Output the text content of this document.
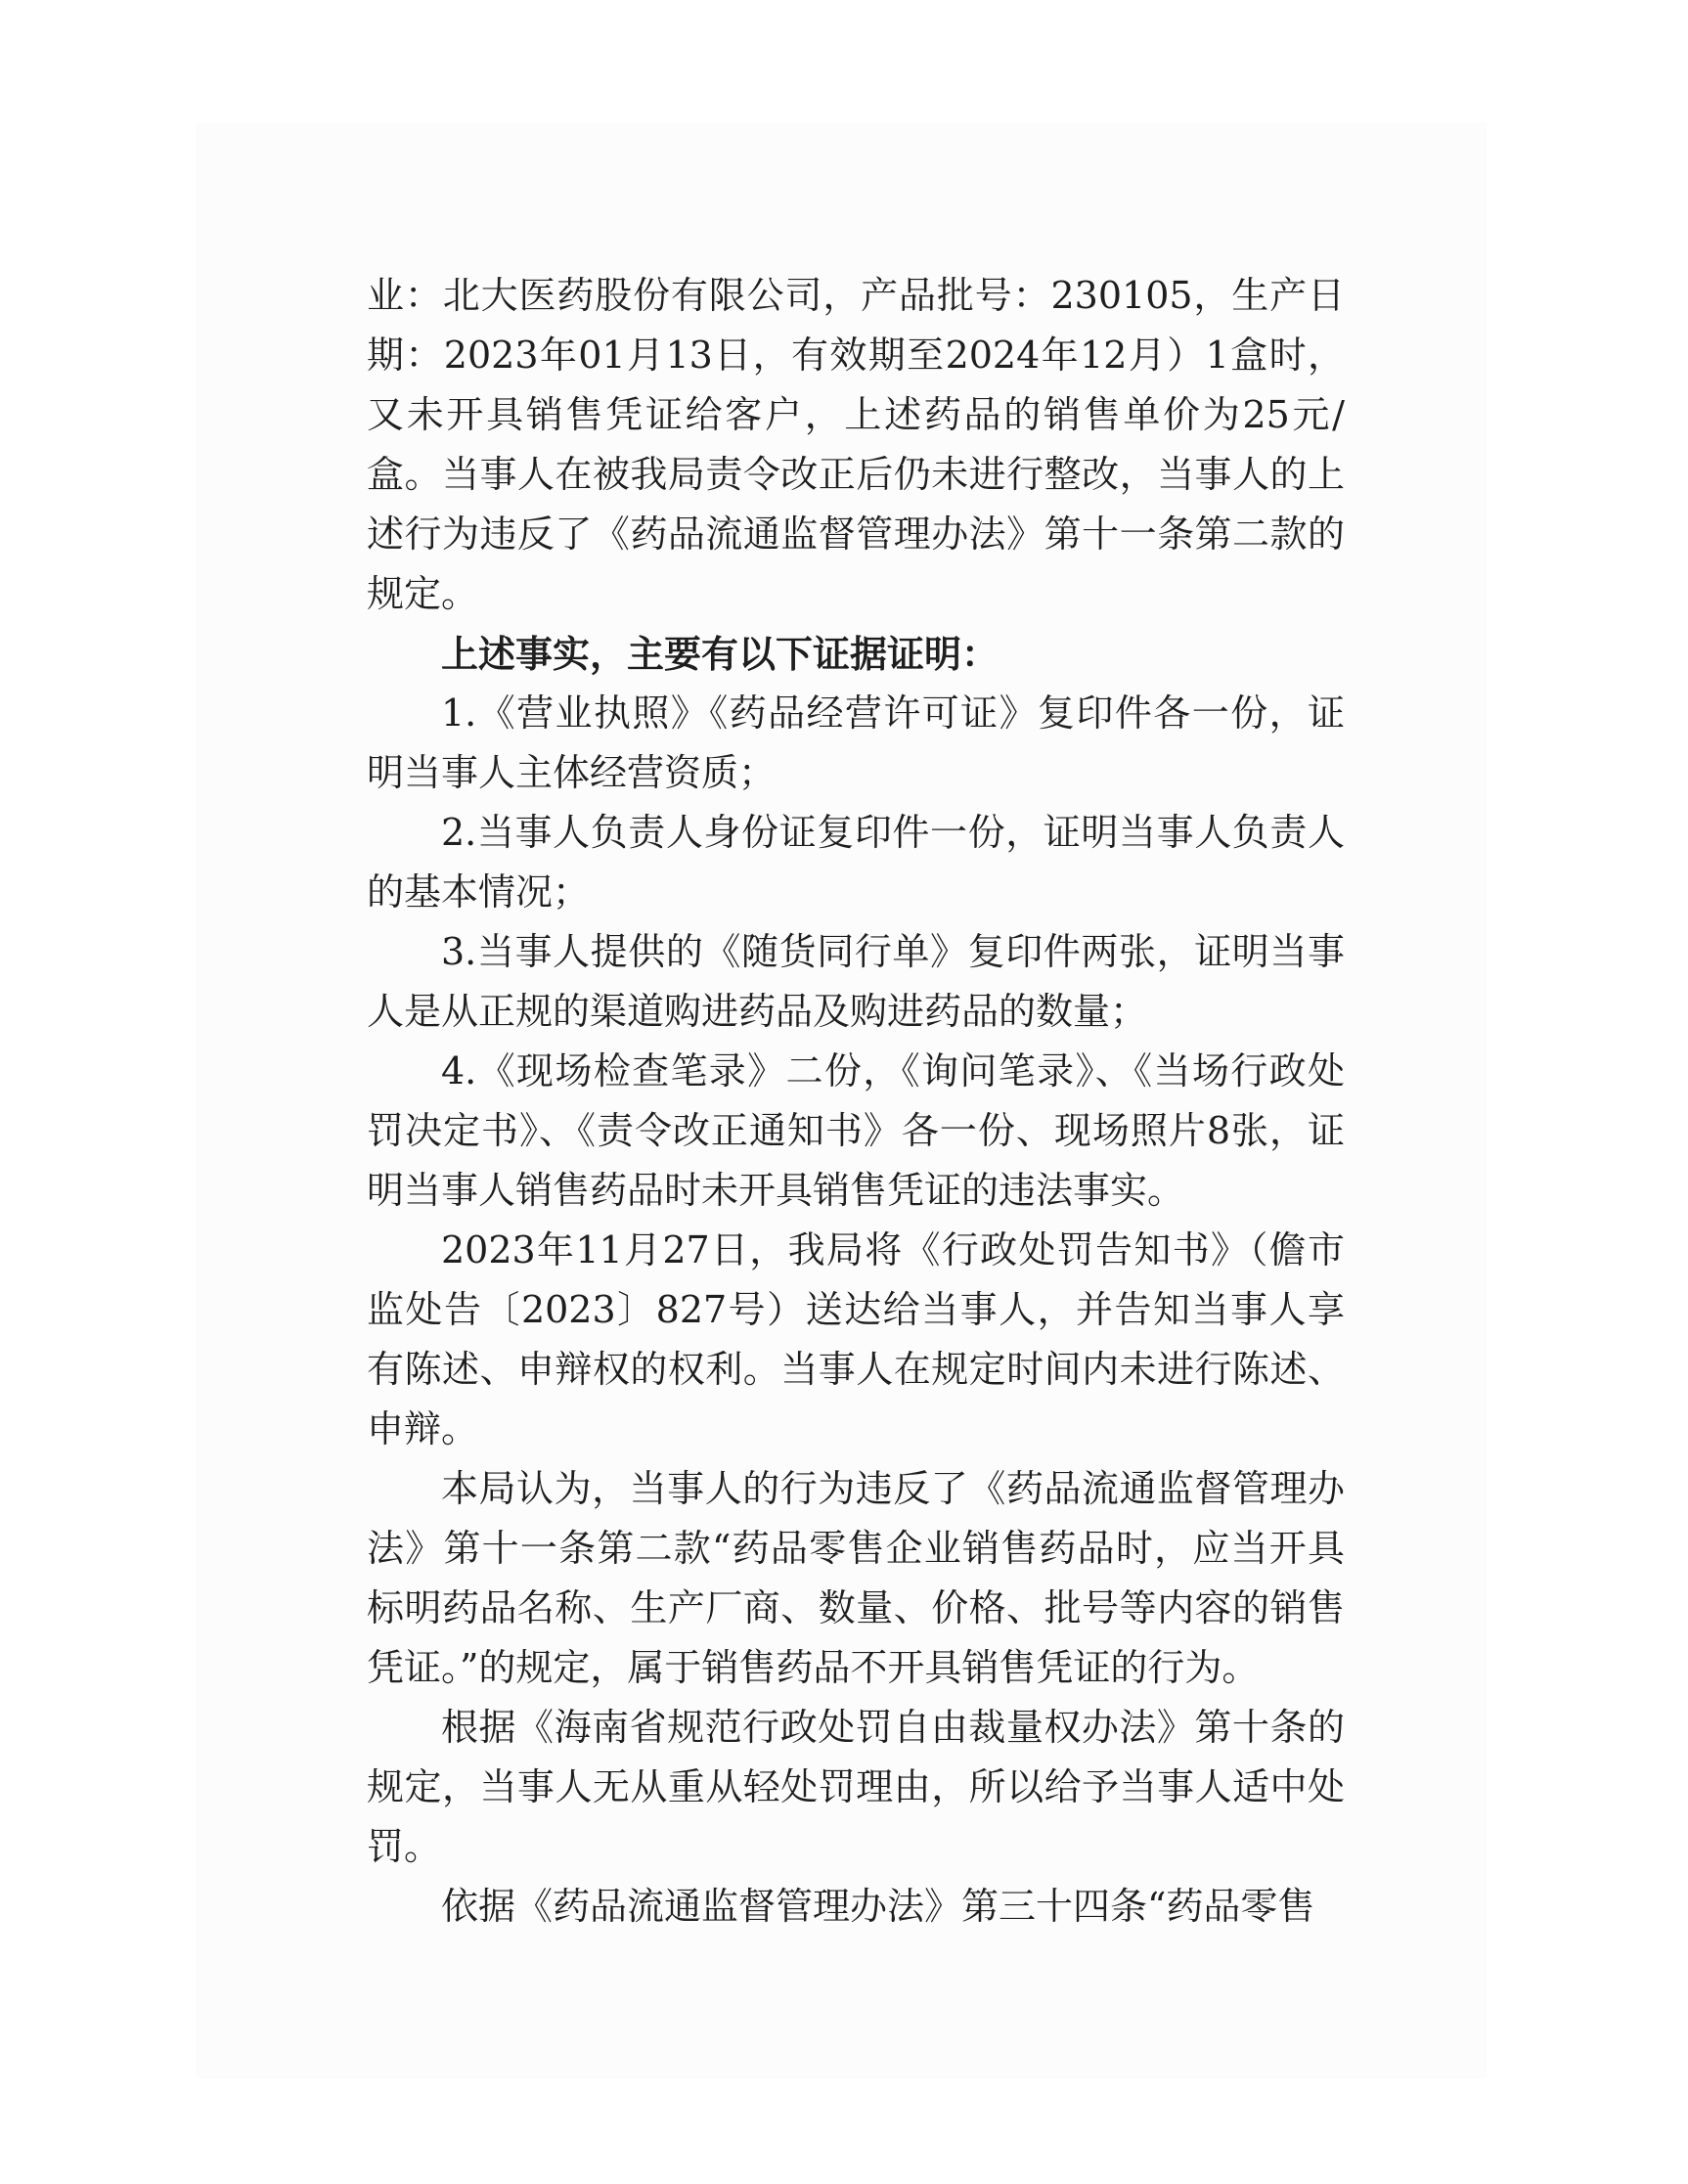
业：北大医药股份有限公司，产品批号：230105，生产日期：2023年01月13日，有效期至2024年12月）1盒时，又未开具销售凭证给客户，上述药品的销售单价为25元/盒。当事人在被我局责令改正后仍未进行整改，当事人的上述行为违反了《药品流通监督管理办法》第十一条第二款的规定。

上述事实，主要有以下证据证明：

1.《营业执照》《药品经营许可证》复印件各一份，证明当事人主体经营资质；

2.当事人负责人身份证复印件一份，证明当事人负责人的基本情况；

3.当事人提供的《随货同行单》复印件两张，证明当事人是从正规的渠道购进药品及购进药品的数量；

4.《现场检查笔录》二份，《询问笔录》、《当场行政处罚决定书》、《责令改正通知书》各一份、现场照片8张，证明当事人销售药品时未开具销售凭证的违法事实。

2023年11月27日，我局将《行政处罚告知书》（儋市监处告〔2023〕827号）送达给当事人，并告知当事人享有陈述、申辩权的权利。当事人在规定时间内未进行陈述、申辩。

本局认为，当事人的行为违反了《药品流通监督管理办法》第十一条第二款“药品零售企业销售药品时，应当开具标明药品名称、生产厂商、数量、价格、批号等内容的销售凭证。”的规定，属于销售药品不开具销售凭证的行为。

根据《海南省规范行政处罚自由裁量权办法》第十条的规定，当事人无从重从轻处罚理由，所以给予当事人适中处罚。

依据《药品流通监督管理办法》第三十四条“药品零售
